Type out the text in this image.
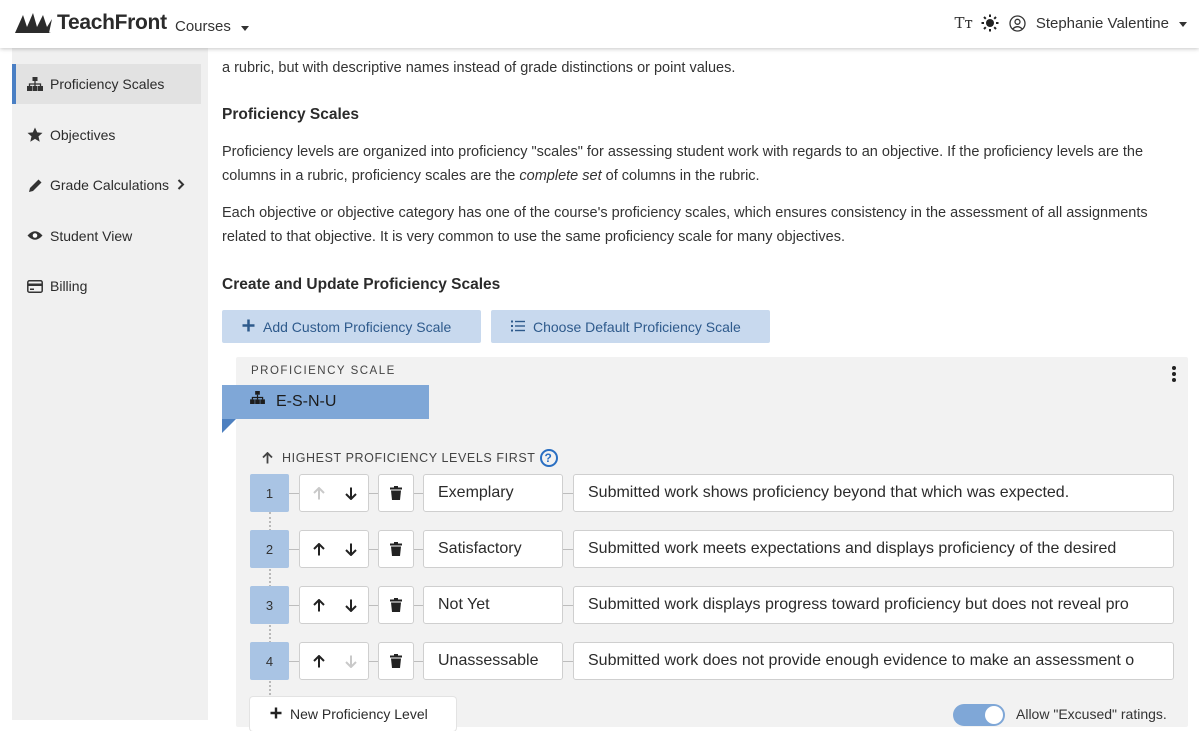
TeachFront Courses	Tт	Stephanie Valentine
Proficiency Scales
Objectives
Grade Calculations
Student View
Billing
a rubric, but with descriptive names instead of grade distinctions or point values.
Proficiency Scales
Proficiency levels are organized into proficiency "scales" for assessing student work with regards to an objective. If the proficiency levels are the columns in a rubric, proficiency scales are the complete set of columns in the rubric.
Each objective or objective category has one of the course's proficiency scales, which ensures consistency in the assessment of all assignments related to that objective. It is very common to use the same proficiency scale for many objectives.
Create and Update Proficiency Scales
Add Custom Proficiency Scale	Choose Default Proficiency Scale
PROFICIENCY SCALE
E-S-N-U
HIGHEST PROFICIENCY LEVELS FIRST ?
1	Exemplary	Submitted work shows proficiency beyond that which was expected.
2	Satisfactory	Submitted work meets expectations and displays proficiency of the desired
3	Not Yet	Submitted work displays progress toward proficiency but does not reveal pro
4	Unassessable	Submitted work does not provide enough evidence to make an assessment o
New Proficiency Level	Allow "Excused" ratings.
